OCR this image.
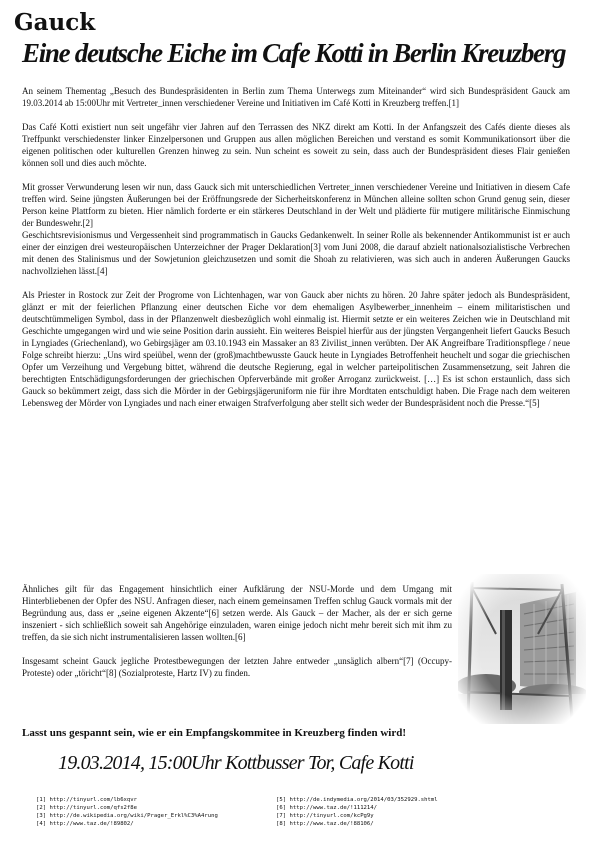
Gauck
Eine deutsche Eiche im Cafe Kotti in Berlin Kreuzberg

An seinem Thementag „Besuch des Bundespräsidenten in Berlin zum Thema Unterwegs zum Miteinander“ wird sich Bundespräsident Gauck am 19.03.2014 ab 15:00Uhr mit Vertreter_innen verschiedener Vereine und Initiativen im Café Kotti in Kreuzberg treffen.[1]

Das Café Kotti existiert nun seit ungefähr vier Jahren auf den Terrassen des NKZ direkt am Kotti. In der Anfangszeit des Cafés diente dieses als Treffpunkt verschiedenster linker Einzelpersonen und Gruppen aus allen möglichen Bereichen und verstand es somit Kommunikationsort über die eigenen politischen oder kulturellen Grenzen hinweg zu sein. Nun scheint es soweit zu sein, dass auch der Bundespräsident dieses Flair genießen können soll und dies auch möchte.

Mit grosser Verwunderung lesen wir nun, dass Gauck sich mit unterschiedlichen Vertreter_innen verschiedener Vereine und Initiativen in diesem Cafe treffen wird. Seine jüngsten Äußerungen bei der Eröffnungsrede der Sicherheitskonferenz in München alleine sollten schon Grund genug sein, dieser Person keine Plattform zu bieten. Hier nämlich forderte er ein stärkeres Deutschland in der Welt und plädierte für mutigere militärische Einmischung der Bundeswehr.[2]

Geschichtsrevisionismus und Vergessenheit sind programmatisch in Gaucks Gedankenwelt. In seiner Rolle als bekennender Antikommunist ist er auch einer der einzigen drei westeuropäischen Unterzeichner der Prager Deklaration[3] vom Juni 2008, die darauf abzielt nationalsozialistische Verbrechen mit denen des Stalinismus und der Sowjetunion gleichzusetzen und somit die Shoah zu relativieren, was sich auch in anderen Äußerungen Gaucks nachvollziehen lässt.[4]

Als Priester in Rostock zur Zeit der Progrome von Lichtenhagen, war von Gauck aber nichts zu hören. 20 Jahre später jedoch als Bundespräsident, glänzt er mit der feierlichen Pflanzung einer deutschen Eiche vor dem ehemaligen Asylbewerber_innenheim – einem militaristischen und deutschtümmeligen Symbol, dass in der Pflanzenwelt diesbezüglich wohl einmalig ist. Hiermit setzte er ein weiteres Zeichen wie in Deutschland mit Geschichte umgegangen wird und wie seine Position darin aussieht. Ein weiteres Beispiel hierfür aus der jüngsten Vergangenheit liefert Gaucks Besuch in Lyngiades (Griechenland), wo Gebirgsjäger am 03.10.1943 ein Massaker an 83 Zivilist_innen verübten. Der AK Angreifbare Traditionspflege / neue Folge schreibt hierzu: „Uns wird speiübel, wenn der (groß)machtbewusste Gauck heute in Lyngiades Betroffenheit heuchelt und sogar die griechischen Opfer um Verzeihung und Vergebung bittet, während die deutsche Regierung, egal in welcher parteipolitischen Zusammensetzung, seit Jahren die berechtigten Entschädigungsforderungen der griechischen Opferverbände mit großer Arroganz zurückweist. […] Es ist schon erstaunlich, dass sich Gauck so bekümmert zeigt, dass sich die Mörder in der Gebirgsjägeruniform nie für ihre Mordtaten entschuldigt haben. Die Frage nach dem weiteren Lebensweg der Mörder von Lyngiades und nach einer etwaigen Strafverfolgung aber stellt sich weder der Bundespräsident noch die Presse.“[5]

Ähnliches gilt für das Engagement hinsichtlich einer Aufklärung der NSU-Morde und dem Umgang mit Hinterbliebenen der Opfer des NSU. Anfragen dieser, nach einem gemeinsamen Treffen schlug Gauck vormals mit der Begründung aus, dass er „seine eigenen Akzente“[6] setzen werde. Als Gauck – der Macher, als der er sich gerne inszeniert - sich schließlich soweit sah Angehörige einzuladen, waren einige jedoch nicht mehr bereit sich mit ihm zu treffen, da sie sich nicht instrumentalisieren lassen wollten.[6]

Insgesamt scheint Gauck jegliche Protestbewegungen der letzten Jahre entweder „unsäglich albern“[7] (Occupy-Proteste) oder „töricht“[8] (Sozialproteste, Hartz IV) zu finden.

Lasst uns gespannt sein, wie er ein Empfangskommitee in Kreuzberg finden wird!

19.03.2014, 15:00Uhr Kottbusser Tor, Cafe Kotti

[1] http://tinyurl.com/lb6xqvr
[2] http://tinyurl.com/qfs2f8e
[3] http://de.wikipedia.org/wiki/Prager_Erkl%C3%A4rung
[4] http://www.taz.de/!89802/
[5] http://de.indymedia.org/2014/03/352929.shtml
[6] http://www.taz.de/!111214/
[7] http://tinyurl.com/kcPg9y
[8] http://www.taz.de/!88106/
